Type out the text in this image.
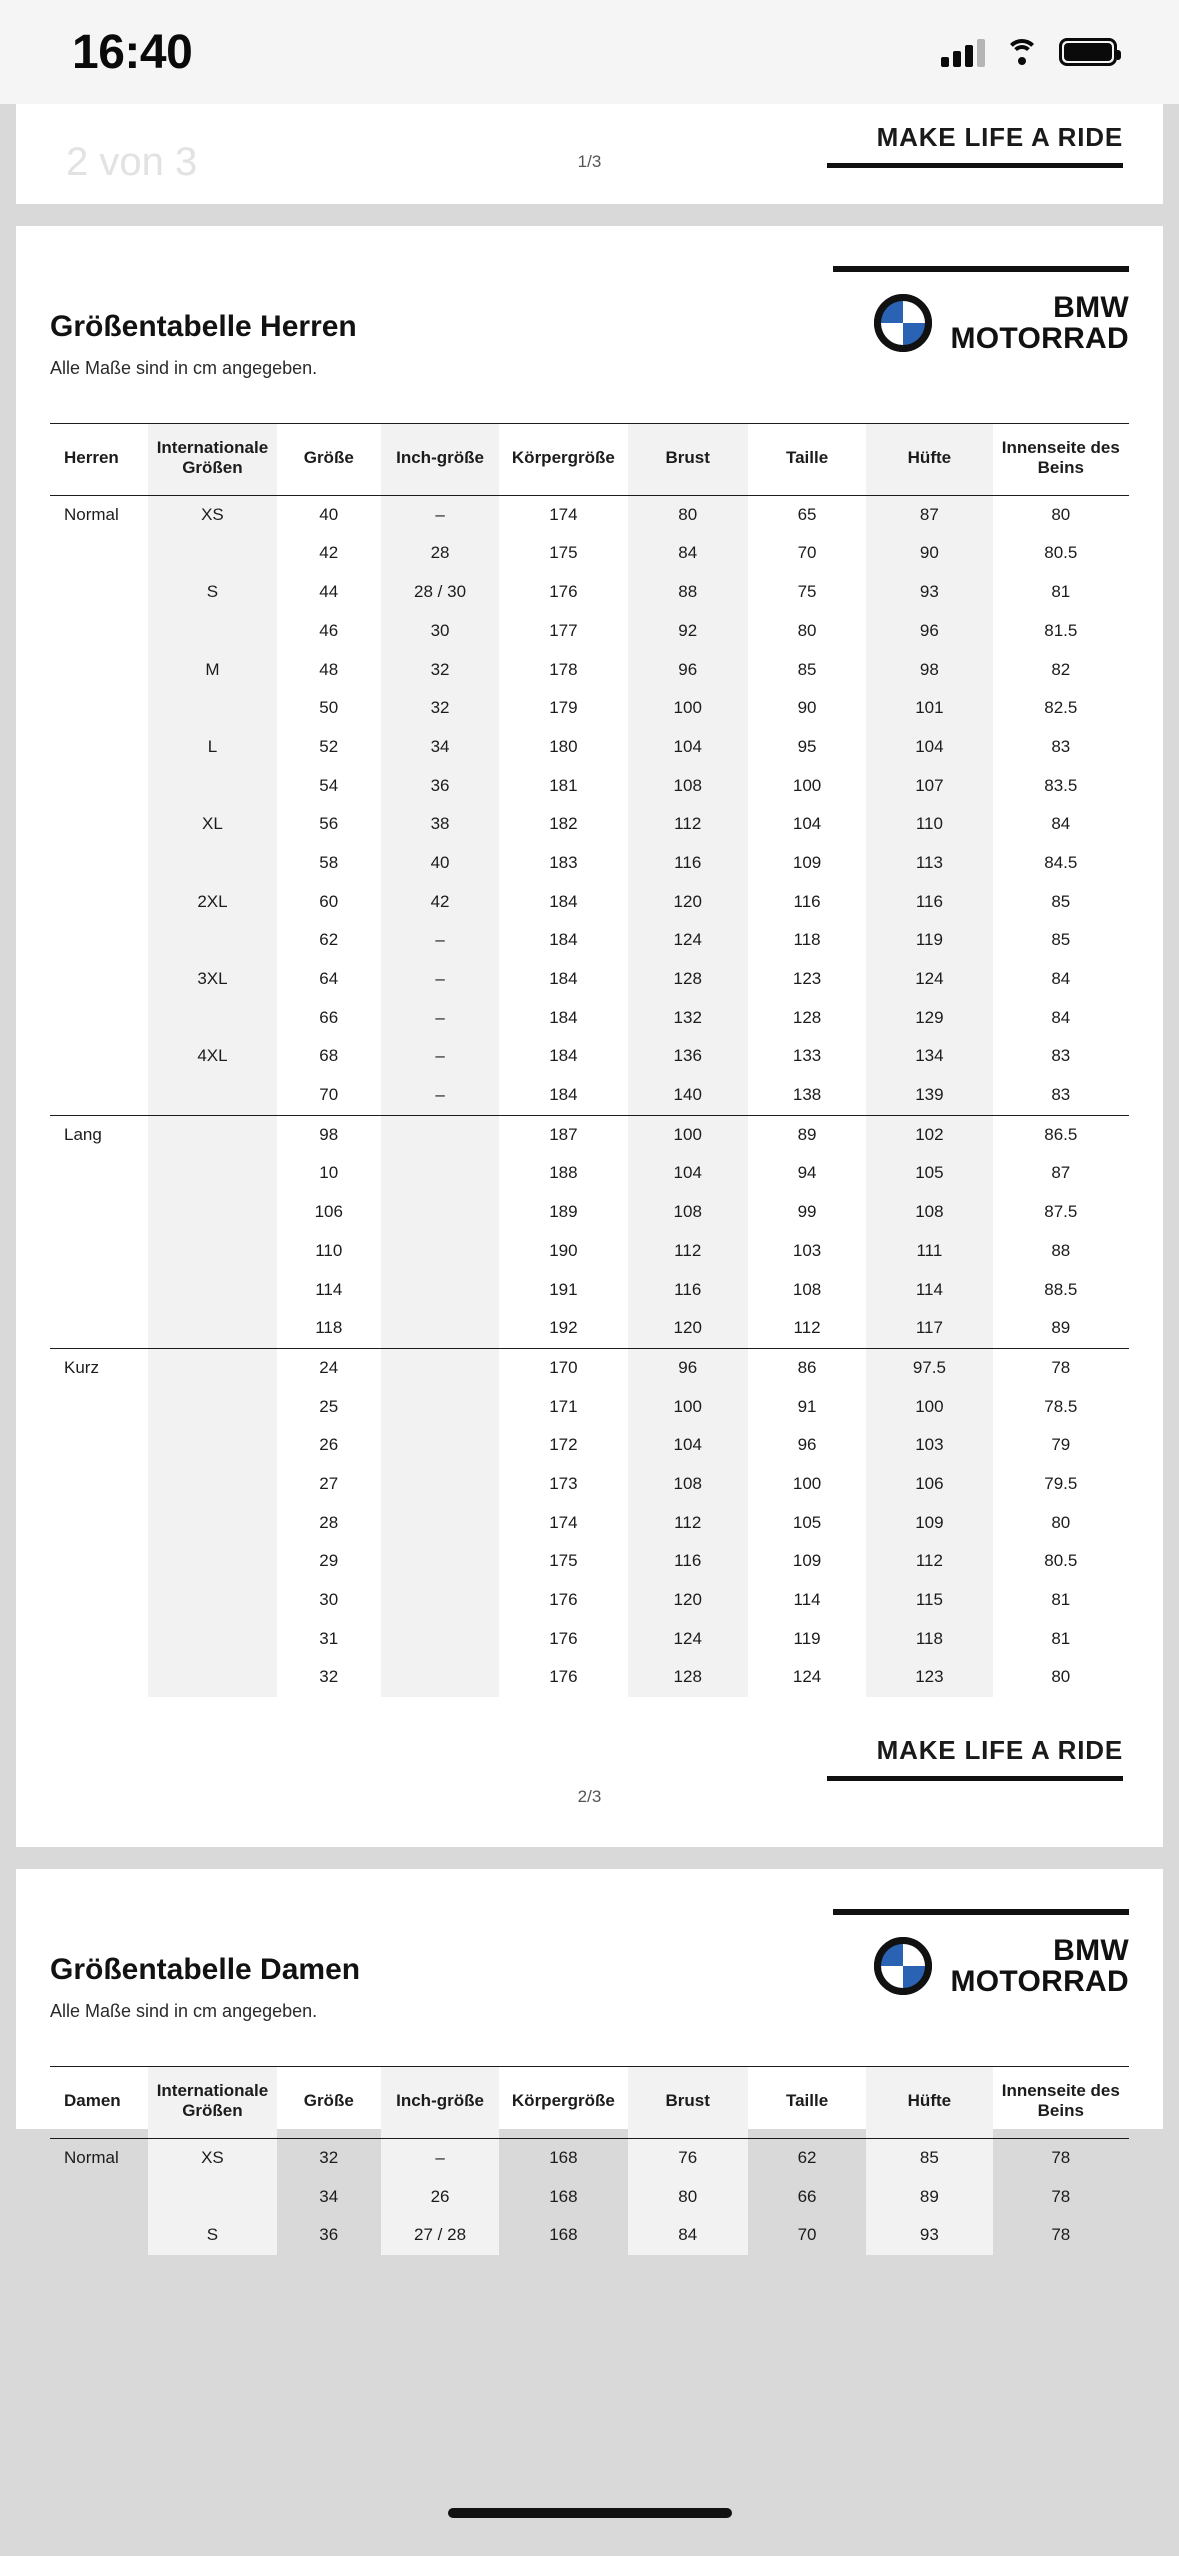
16:40
2 von 3	1/3
MAKE LIFE A RIDE
Größentabelle Herren
Alle Maße sind in cm angegeben.
BMW
MOTORRAD
Herren	Internationale Größen	Größe	Inch-größe	Körpergröße	Brust	Taille	Hüfte	Innenseite des Beins
Normal	XS	40	–	174	80	65	87	80
		42	28	175	84	70	90	80.5
	S	44	28 / 30	176	88	75	93	81
		46	30	177	92	80	96	81.5
	M	48	32	178	96	85	98	82
		50	32	179	100	90	101	82.5
	L	52	34	180	104	95	104	83
		54	36	181	108	100	107	83.5
	XL	56	38	182	112	104	110	84
		58	40	183	116	109	113	84.5
	2XL	60	42	184	120	116	116	85
		62	–	184	124	118	119	85
	3XL	64	–	184	128	123	124	84
		66	–	184	132	128	129	84
	4XL	68	–	184	136	133	134	83
		70	–	184	140	138	139	83
Lang		98		187	100	89	102	86.5
		10		188	104	94	105	87
		106		189	108	99	108	87.5
		110		190	112	103	111	88
		114		191	116	108	114	88.5
		118		192	120	112	117	89
Kurz		24		170	96	86	97.5	78
		25		171	100	91	100	78.5
		26		172	104	96	103	79
		27		173	108	100	106	79.5
		28		174	112	105	109	80
		29		175	116	109	112	80.5
		30		176	120	114	115	81
		31		176	124	119	118	81
		32		176	128	124	123	80
2/3
MAKE LIFE A RIDE
Größentabelle Damen
Alle Maße sind in cm angegeben.
BMW
MOTORRAD
Damen	Internationale Größen	Größe	Inch-größe	Körpergröße	Brust	Taille	Hüfte	Innenseite des Beins
Normal	XS	32	–	168	76	62	85	78
		34	26	168	80	66	89	78
	S	36	27 / 28	168	84	70	93	78
